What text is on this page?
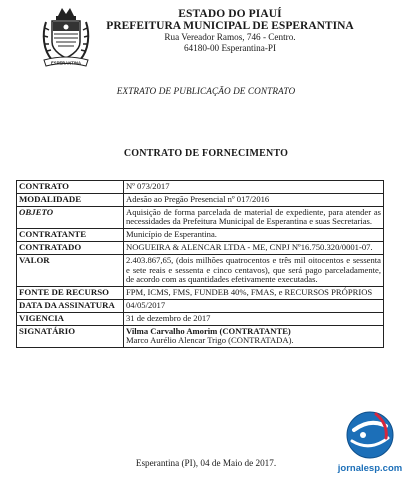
ESPERANTINA
ESTADO DO PIAUÍ
PREFEITURA MUNICIPAL DE ESPERANTINA
Rua Vereador Ramos, 746 - Centro.
64180-00 Esperantina-PI
EXTRATO DE PUBLICAÇÃO DE CONTRATO
CONTRATO DE FORNECIMENTO
CONTRATO	Nº 073/2017
MODALIDADE	Adesão ao Pregão Presencial nº 017/2016
OBJETO	Aquisição de forma parcelada de material de expediente, para atender as necessidades da Prefeitura Municipal de Esperantina e suas Secretarias.
CONTRATANTE	Município de Esperantina.
CONTRATADO	NOGUEIRA & ALENCAR LTDA - ME, CNPJ Nº16.750.320/0001-07.
VALOR	2.403.867,65, (dois milhões quatrocentos e três mil oitocentos e sessenta e sete reais e sessenta e cinco centavos), que será pago parceladamente, de acordo com as quantidades efetivamente executadas.
FONTE DE RECURSO	FPM, ICMS, FMS, FUNDEB 40%, FMAS, e RECURSOS PRÓPRIOS
DATA DA ASSINATURA	04/05/2017
VIGENCIA	31 de dezembro de 2017
SIGNATÁRIO	Vilma Carvalho Amorim (CONTRATANTE)
Marco Aurélio Alencar Trigo (CONTRATADA).
Esperantina (PI), 04 de Maio de 2017.	jornalesp.com
